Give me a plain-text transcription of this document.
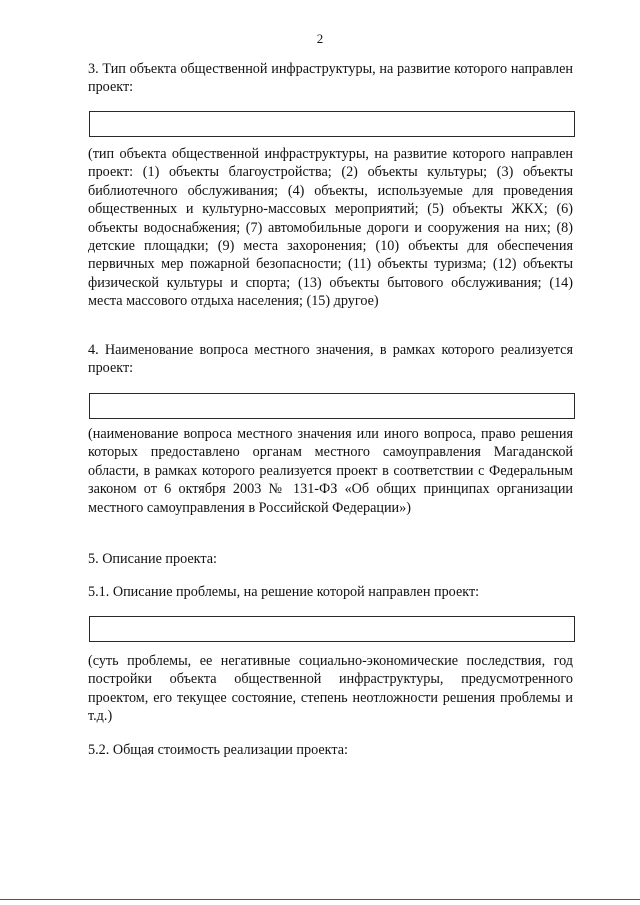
2

3. Тип объекта общественной инфраструктуры, на развитие которого направлен проект:

(тип объекта общественной инфраструктуры, на развитие которого направлен проект: (1) объекты благоустройства; (2) объекты культуры; (3) объекты библиотечного обслуживания; (4) объекты, используемые для проведения общественных и культурно-массовых мероприятий; (5) объекты ЖКХ; (6) объекты водоснабжения; (7) автомобильные дороги и сооружения на них; (8) детские площадки; (9) места захоронения; (10) объекты для обеспечения первичных мер пожарной безопасности; (11) объекты туризма; (12) объекты физической культуры и спорта; (13) объекты бытового обслуживания; (14) места массового отдыха населения; (15) другое)

4. Наименование вопроса местного значения, в рамках которого реализуется проект:

(наименование вопроса местного значения или иного вопроса, право решения которых предоставлено органам местного самоуправления Магаданской области, в рамках которого реализуется проект в соответствии с Федеральным законом от 6 октября 2003 № 131-ФЗ «Об общих принципах организации местного самоуправления в Российской Федерации»)

5. Описание проекта:

5.1. Описание проблемы, на решение которой направлен проект:

(суть проблемы, ее негативные социально-экономические последствия, год постройки объекта общественной инфраструктуры, предусмотренного проектом, его текущее состояние, степень неотложности решения проблемы и т.д.)

5.2. Общая стоимость реализации проекта:
